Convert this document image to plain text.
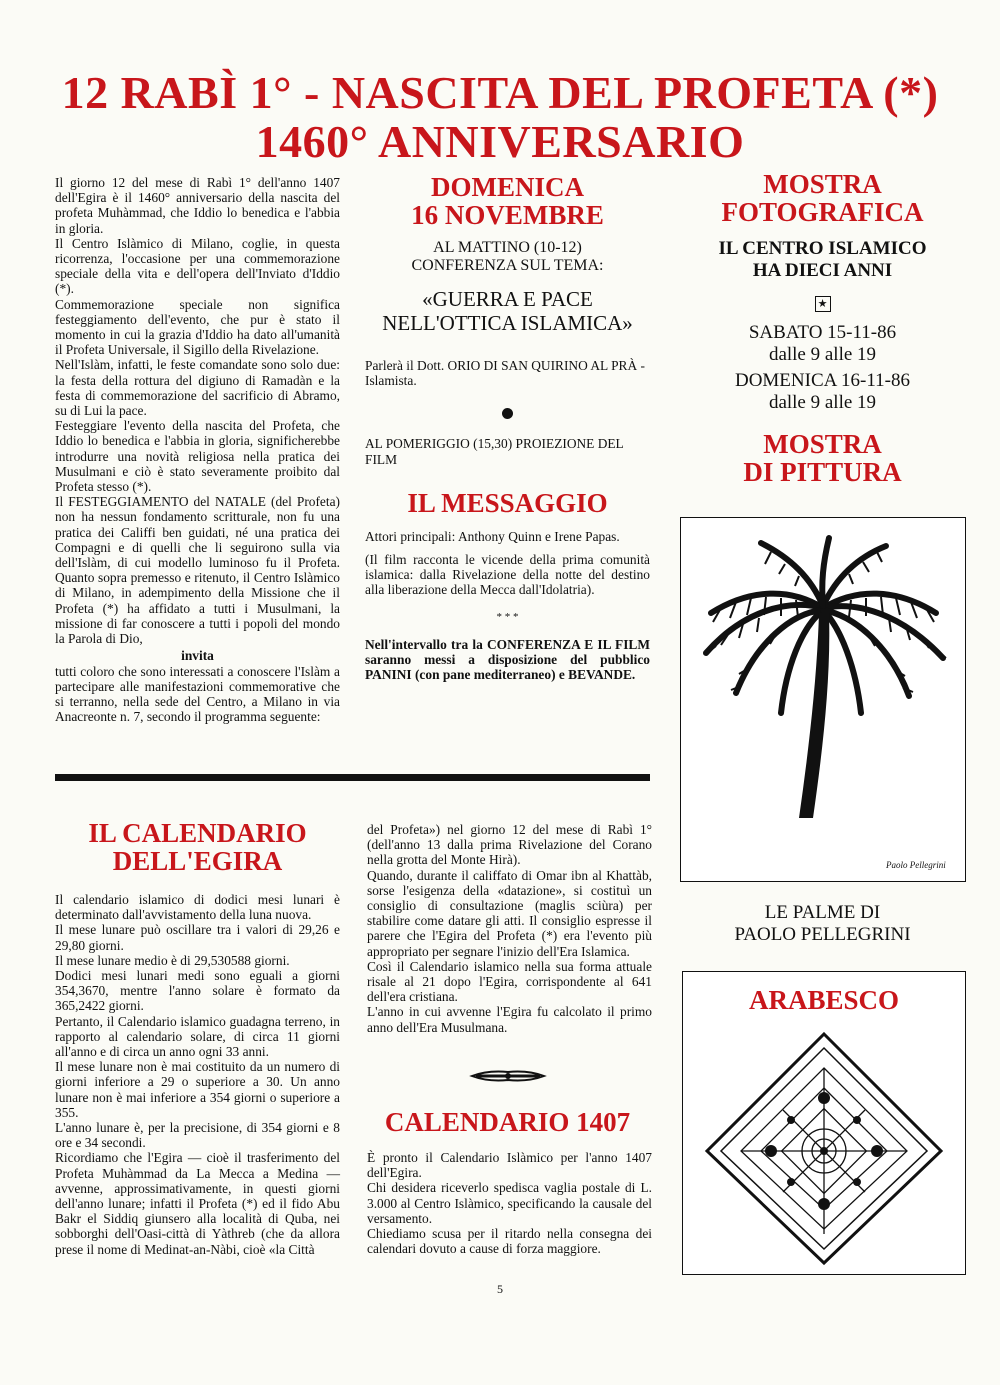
12 RABÌ 1° - NASCITA DEL PROFETA (*)
1460° ANNIVERSARIO

Il giorno 12 del mese di Rabì 1° dell'anno 1407 dell'Egira è il 1460° anniversario della nascita del profeta Muhàmmad, che Iddio lo benedica e l'abbia in gloria.
Il Centro Islàmico di Milano, coglie, in questa ricorrenza, l'occasione per una commemorazione speciale della vita e dell'opera dell'Inviato d'Iddio (*).
Commemorazione speciale non significa festeggiamento dell'evento, che pur è stato il momento in cui la grazia d'Iddio ha dato all'umanità il Profeta Universale, il Sigillo della Rivelazione.
Nell'Islàm, infatti, le feste comandate sono solo due: la festa della rottura del digiuno di Ramadàn e la festa di commemorazione del sacrificio di Abramo, su di Lui la pace.
Festeggiare l'evento della nascita del Profeta, che Iddio lo benedica e l'abbia in gloria, significherebbe introdurre una novità religiosa nella pratica dei Musulmani e ciò è stato severamente proibito dal Profeta stesso (*).
Il FESTEGGIAMENTO del NATALE (del Profeta) non ha nessun fondamento scritturale, non fu una pratica dei Califfi ben guidati, né una pratica dei Compagni e di quelli che li seguirono sulla via dell'Islàm, di cui modello luminoso fu il Profeta. Quanto sopra premesso e ritenuto, il Centro Islàmico di Milano, in adempimento della Missione che il Profeta (*) ha affidato a tutti i Musulmani, la missione di far conoscere a tutti i popoli del mondo la Parola di Dio,

invita

tutti coloro che sono interessati a conoscere l'Islàm a partecipare alle manifestazioni commemorative che si terranno, nella sede del Centro, a Milano in via Anacreonte n. 7, secondo il programma seguente:

DOMENICA
16 NOVEMBRE
AL MATTINO (10-12)
CONFERENZA SUL TEMA:
«GUERRA E PACE
NELL'OTTICA ISLAMICA»
Parlerà il Dott. ORIO DI SAN QUIRINO AL PRÀ - Islamista.
AL POMERIGGIO (15,30) PROIEZIONE DEL FILM
IL MESSAGGIO
Attori principali: Anthony Quinn e Irene Papas.
(Il film racconta le vicende della prima comunità islamica: dalla Rivelazione della notte del destino alla liberazione della Mecca dall'Idolatria).
* * *
Nell'intervallo tra la CONFERENZA E IL FILM saranno messi a disposizione del pubblico PANINI (con pane mediterraneo) e BEVANDE.
MOSTRA
FOTOGRAFICA
IL CENTRO ISLAMICO
HA DIECI ANNI
★
SABATO 15-11-86
dalle 9 alle 19
DOMENICA 16-11-86
dalle 9 alle 19
MOSTRA
DI PITTURA
Paolo Pellegrini
LE PALME DI
PAOLO PELLEGRINI
ARABESCO
IL CALENDARIO
DELL'EGIRA

Il calendario islamico di dodici mesi lunari è determinato dall'avvistamento della luna nuova.
Il mese lunare può oscillare tra i valori di 29,26 e 29,80 giorni.
Il mese lunare medio è di 29,530588 giorni.
Dodici mesi lunari medi sono eguali a giorni 354,3670, mentre l'anno solare è formato da 365,2422 giorni.
Pertanto, il Calendario islamico guadagna terreno, in rapporto al calendario solare, di circa 11 giorni all'anno e di circa un anno ogni 33 anni.
Il mese lunare non è mai costituito da un numero di giorni inferiore a 29 o superiore a 30. Un anno lunare non è mai inferiore a 354 giorni o superiore a 355.
L'anno lunare è, per la precisione, di 354 giorni e 8 ore e 34 secondi.
Ricordiamo che l'Egira — cioè il trasferimento del Profeta Muhàmmad da La Mecca a Medina — avvenne, approssimativamente, in questi giorni dell'anno lunare; infatti il Profeta (*) ed il fido Abu Bakr el Siddiq giunsero alla località di Quba, nei sobborghi dell'Oasi-città di Yàthreb (che da allora prese il nome di Medinat-an-Nàbi, cioè «la Città

del Profeta») nel giorno 12 del mese di Rabì 1° (dell'anno 13 dalla prima Rivelazione del Corano nella grotta del Monte Hirà).
Quando, durante il califfato di Omar ibn al Khattàb, sorse l'esigenza della «datazione», si costituì un consiglio di consultazione (maglis sciùra) per stabilire come datare gli atti. Il consiglio espresse il parere che l'Egira del Profeta (*) era l'evento più appropriato per segnare l'inizio dell'Era Islamica.
Così il Calendario islamico nella sua forma attuale risale al 21 dopo l'Egira, corrispondente al 641 dell'era cristiana.
L'anno in cui avvenne l'Egira fu calcolato il primo anno dell'Era Musulmana.

CALENDARIO 1407
È pronto il Calendario Islàmico per l'anno 1407 dell'Egira.
Chi desidera riceverlo spedisca vaglia postale di L. 3.000 al Centro Islàmico, specificando la causale del versamento.
Chiediamo scusa per il ritardo nella consegna dei calendari dovuto a cause di forza maggiore.
5
